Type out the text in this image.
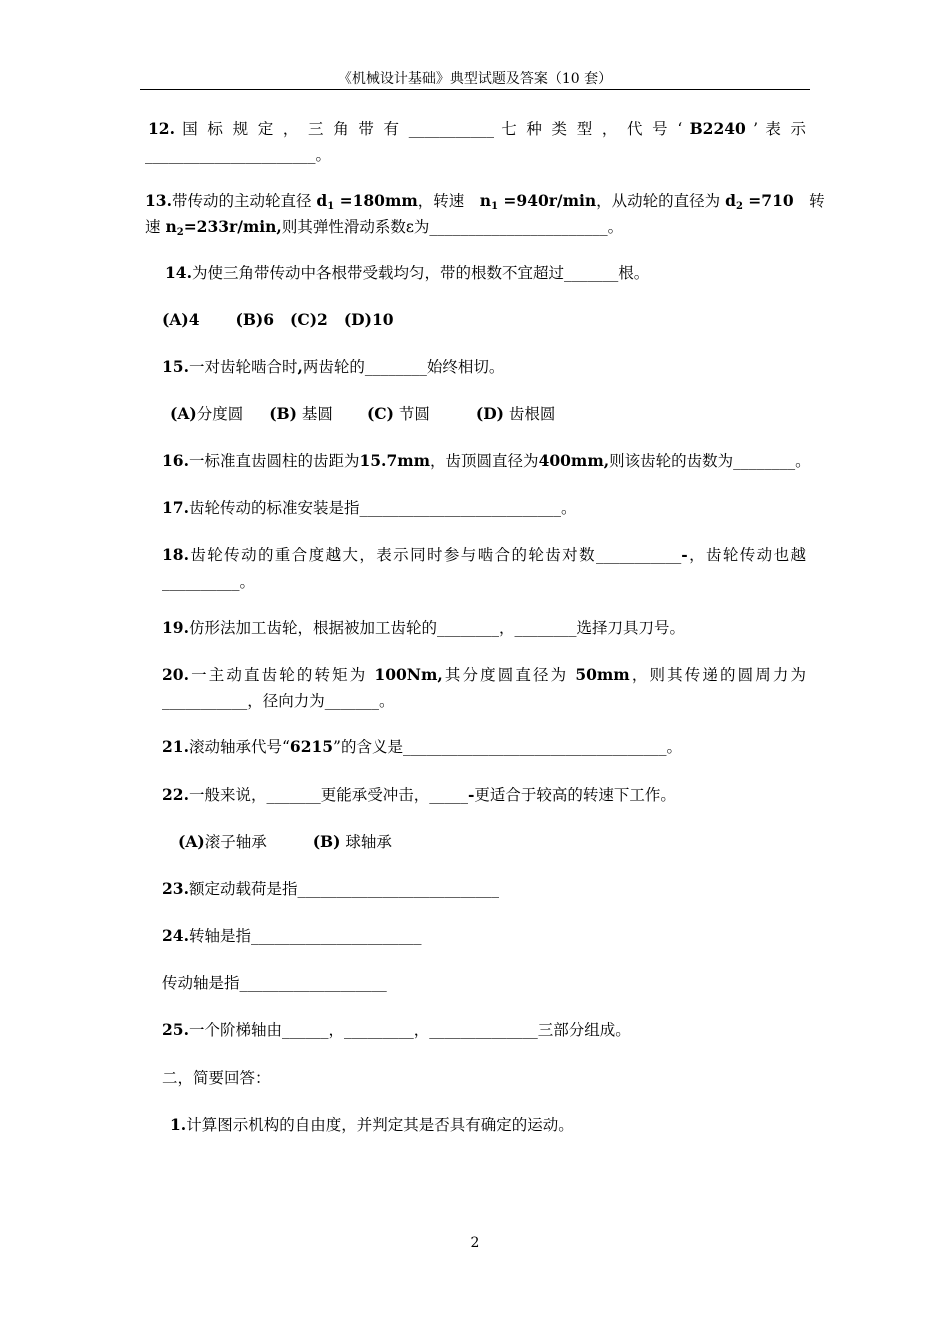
《机械设计基础》典型试题及答案（10 套）
12. 国 标 规 定 ， 三 角 带 有 ___________ 七 种 类 型 ， 代 号 ‘ B2240 ’ 表 示
______________________。
13.带传动的主动轮直径 $d_1 =180mm$，转速　$n_1 =940r/\min$，从动轮的直径为 $d_2 =710$　转
速 $n_2=233r/\min$,则其弹性滑动系数ε为_______________________。
14.为使三角带传动中各根带受载均匀，带的根数不宜超过_______根。
(A)4 (B)6 (C)2 (D)10
15.一对齿轮啮合时,两齿轮的________始终相切。
(A)分度圆 (B) 基圆 (C) 节圆	(D) 齿根圆
16.一标准直齿圆柱的齿距为15.7mm，齿顶圆直径为400mm,则该齿轮的齿数为________。
17.齿轮传动的标准安装是指__________________________。
18.齿轮传动的重合度越大，表示同时参与啮合的轮齿对数___________-，齿轮传动也越
__________。
19.仿形法加工齿轮，根据被加工齿轮的________，________选择刀具刀号。
20.一主动直齿轮的转矩为 100Nm,其分度圆直径为 50mm，则其传递的圆周力为
___________，径向力为_______。
21.滚动轴承代号“6215”的含义是__________________________________。
22.一般来说，_______更能承受冲击，_____-更适合于较高的转速下工作。
(A)滚子轴承	(B) 球轴承
23.额定动载荷是指__________________________
24.转轴是指______________________
传动轴是指___________________
25.一个阶梯轴由______，_________，______________三部分组成。
二，简要回答：
1.计算图示机构的自由度，并判定其是否具有确定的运动。
2
